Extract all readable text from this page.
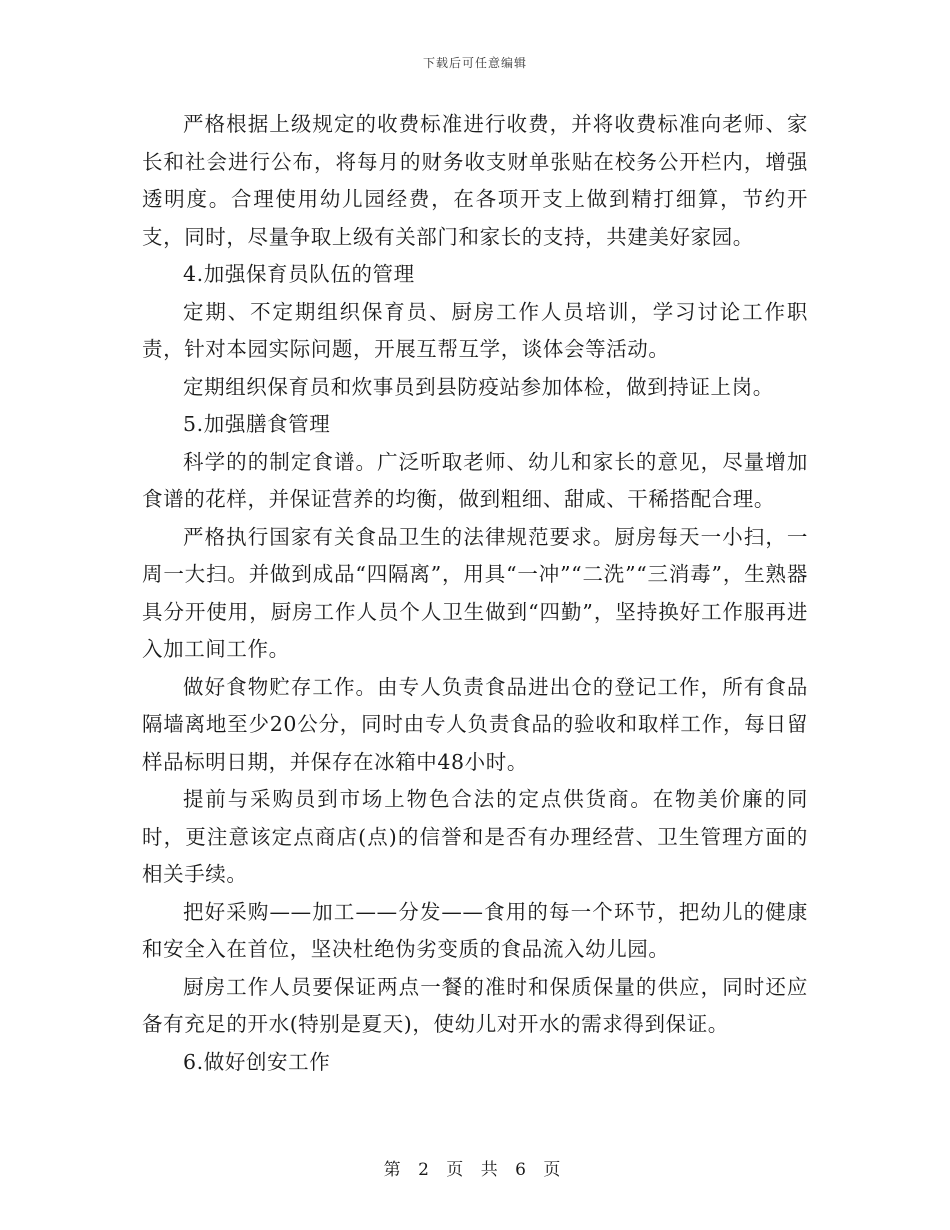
下载后可任意编辑

严格根据上级规定的收费标准进行收费，并将收费标准向老师、家长和社会进行公布，将每月的财务收支财单张贴在校务公开栏内，增强透明度。合理使用幼儿园经费，在各项开支上做到精打细算，节约开支，同时，尽量争取上级有关部门和家长的支持，共建美好家园。

4.加强保育员队伍的管理

定期、不定期组织保育员、厨房工作人员培训，学习讨论工作职责，针对本园实际问题，开展互帮互学，谈体会等活动。

定期组织保育员和炊事员到县防疫站参加体检，做到持证上岗。

5.加强膳食管理

科学的的制定食谱。广泛听取老师、幼儿和家长的意见，尽量增加食谱的花样，并保证营养的均衡，做到粗细、甜咸、干稀搭配合理。

严格执行国家有关食品卫生的法律规范要求。厨房每天一小扫，一周一大扫。并做到成品“四隔离”，用具“一冲”“二洗”“三消毒”，生熟器具分开使用，厨房工作人员个人卫生做到“四勤”，坚持换好工作服再进入加工间工作。

做好食物贮存工作。由专人负责食品进出仓的登记工作，所有食品隔墙离地至少20公分，同时由专人负责食品的验收和取样工作，每日留样品标明日期，并保存在冰箱中48小时。

提前与采购员到市场上物色合法的定点供货商。在物美价廉的同时，更注意该定点商店(点)的信誉和是否有办理经营、卫生管理方面的相关手续。

把好采购——加工——分发——食用的每一个环节，把幼儿的健康和安全入在首位，坚决杜绝伪劣变质的食品流入幼儿园。

厨房工作人员要保证两点一餐的准时和保质保量的供应，同时还应备有充足的开水(特别是夏天)，使幼儿对开水的需求得到保证。

6.做好创安工作

第 2 页 共 6 页
